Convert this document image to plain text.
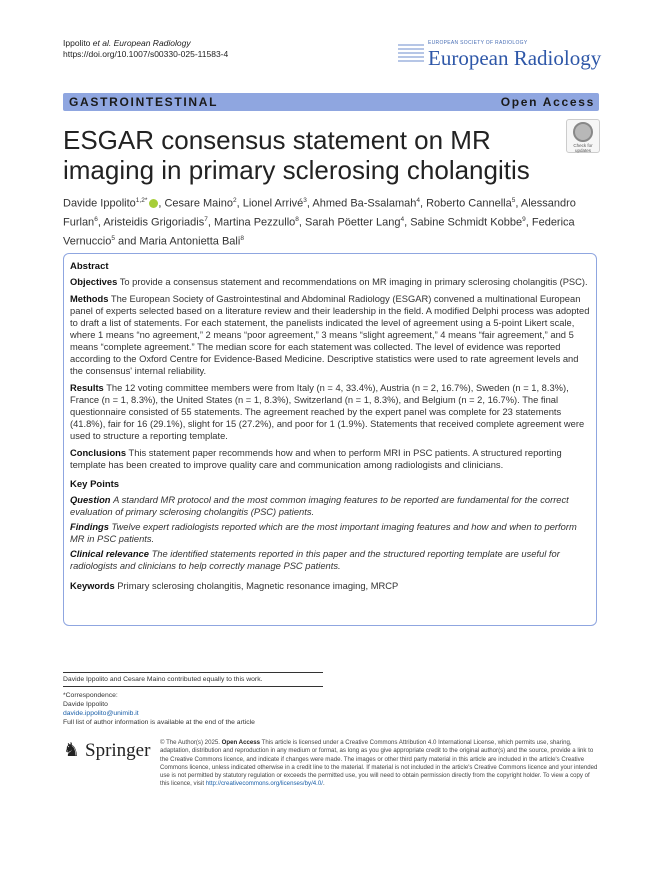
Ippolito et al. European Radiology
https://doi.org/10.1007/s00330-025-11583-4
EUROPEAN SOCIETY OF RADIOLOGY
European Radiology
GASTROINTESTINAL	Open Access
ESGAR consensus statement on MR imaging in primary sclerosing cholangitis
Check for
updates
Davide Ippolito$^{1,2*}$ , Cesare Maino$^2$, Lionel Arrivé$^3$, Ahmed Ba-Ssalamah$^4$, Roberto Cannella$^5$, Alessandro Furlan$^6$, Aristeidis Grigoriadis$^7$, Martina Pezzullo$^8$, Sarah Pöetter Lang$^4$, Sabine Schmidt Kobbe$^9$, Federica Vernuccio$^5$ and Maria Antonietta Bali$^8$
Abstract

Objectives To provide a consensus statement and recommendations on MR imaging in primary sclerosing cholangitis (PSC).

Methods The European Society of Gastrointestinal and Abdominal Radiology (ESGAR) convened a multinational European panel of experts selected based on a literature review and their leadership in the field. A modified Delphi process was adopted to draft a list of statements. For each statement, the panelists indicated the level of agreement using a 5-point Likert scale, where 1 means “no agreement,” 2 means “poor agreement,” 3 means “slight agreement,” 4 means “fair agreement,” and 5 means “complete agreement.” The median score for each statement was collected. The level of evidence was reported according to the Oxford Centre for Evidence-Based Medicine. Descriptive statistics were used to rate agreement levels and the consensus' internal reliability.

Results The 12 voting committee members were from Italy (n = 4, 33.4%), Austria (n = 2, 16.7%), Sweden (n = 1, 8.3%), France (n = 1, 8.3%), the United States (n = 1, 8.3%), Switzerland (n = 1, 8.3%), and Belgium (n = 2, 16.7%). The final questionnaire consisted of 55 statements. The agreement reached by the expert panel was complete for 23 statements (41.8%), fair for 16 (29.1%), slight for 15 (27.2%), and poor for 1 (1.9%). Statements that received complete agreement were used to structure a reporting template.

Conclusions This statement paper recommends how and when to perform MRI in PSC patients. A structured reporting template has been created to improve quality care and communication among radiologists and clinicians.

Key Points

Question A standard MR protocol and the most common imaging features to be reported are fundamental for the correct evaluation of primary sclerosing cholangitis (PSC) patients.

Findings Twelve expert radiologists reported which are the most important imaging features and how and when to perform MR in PSC patients.

Clinical relevance The identified statements reported in this paper and the structured reporting template are useful for radiologists and clinicians to help correctly manage PSC patients.

Keywords Primary sclerosing cholangitis, Magnetic resonance imaging, MRCP

Davide Ippolito and Cesare Maino contributed equally to this work.
*Correspondence:
Davide Ippolito
davide.ippolito@unimib.it
Full list of author information is available at the end of the article
♞ Springer © The Author(s) 2025. Open Access This article is licensed under a Creative Commons Attribution 4.0 International License, which permits use, sharing, adaptation, distribution and reproduction in any medium or format, as long as you give appropriate credit to the original author(s) and the source, provide a link to the Creative Commons licence, and indicate if changes were made. The images or other third party material in this article are included in the article's Creative Commons licence, unless indicated otherwise in a credit line to the material. If material is not included in the article's Creative Commons licence and your intended use is not permitted by statutory regulation or exceeds the permitted use, you will need to obtain permission directly from the copyright holder. To view a copy of this licence, visit http://creativecommons.org/licenses/by/4.0/.
